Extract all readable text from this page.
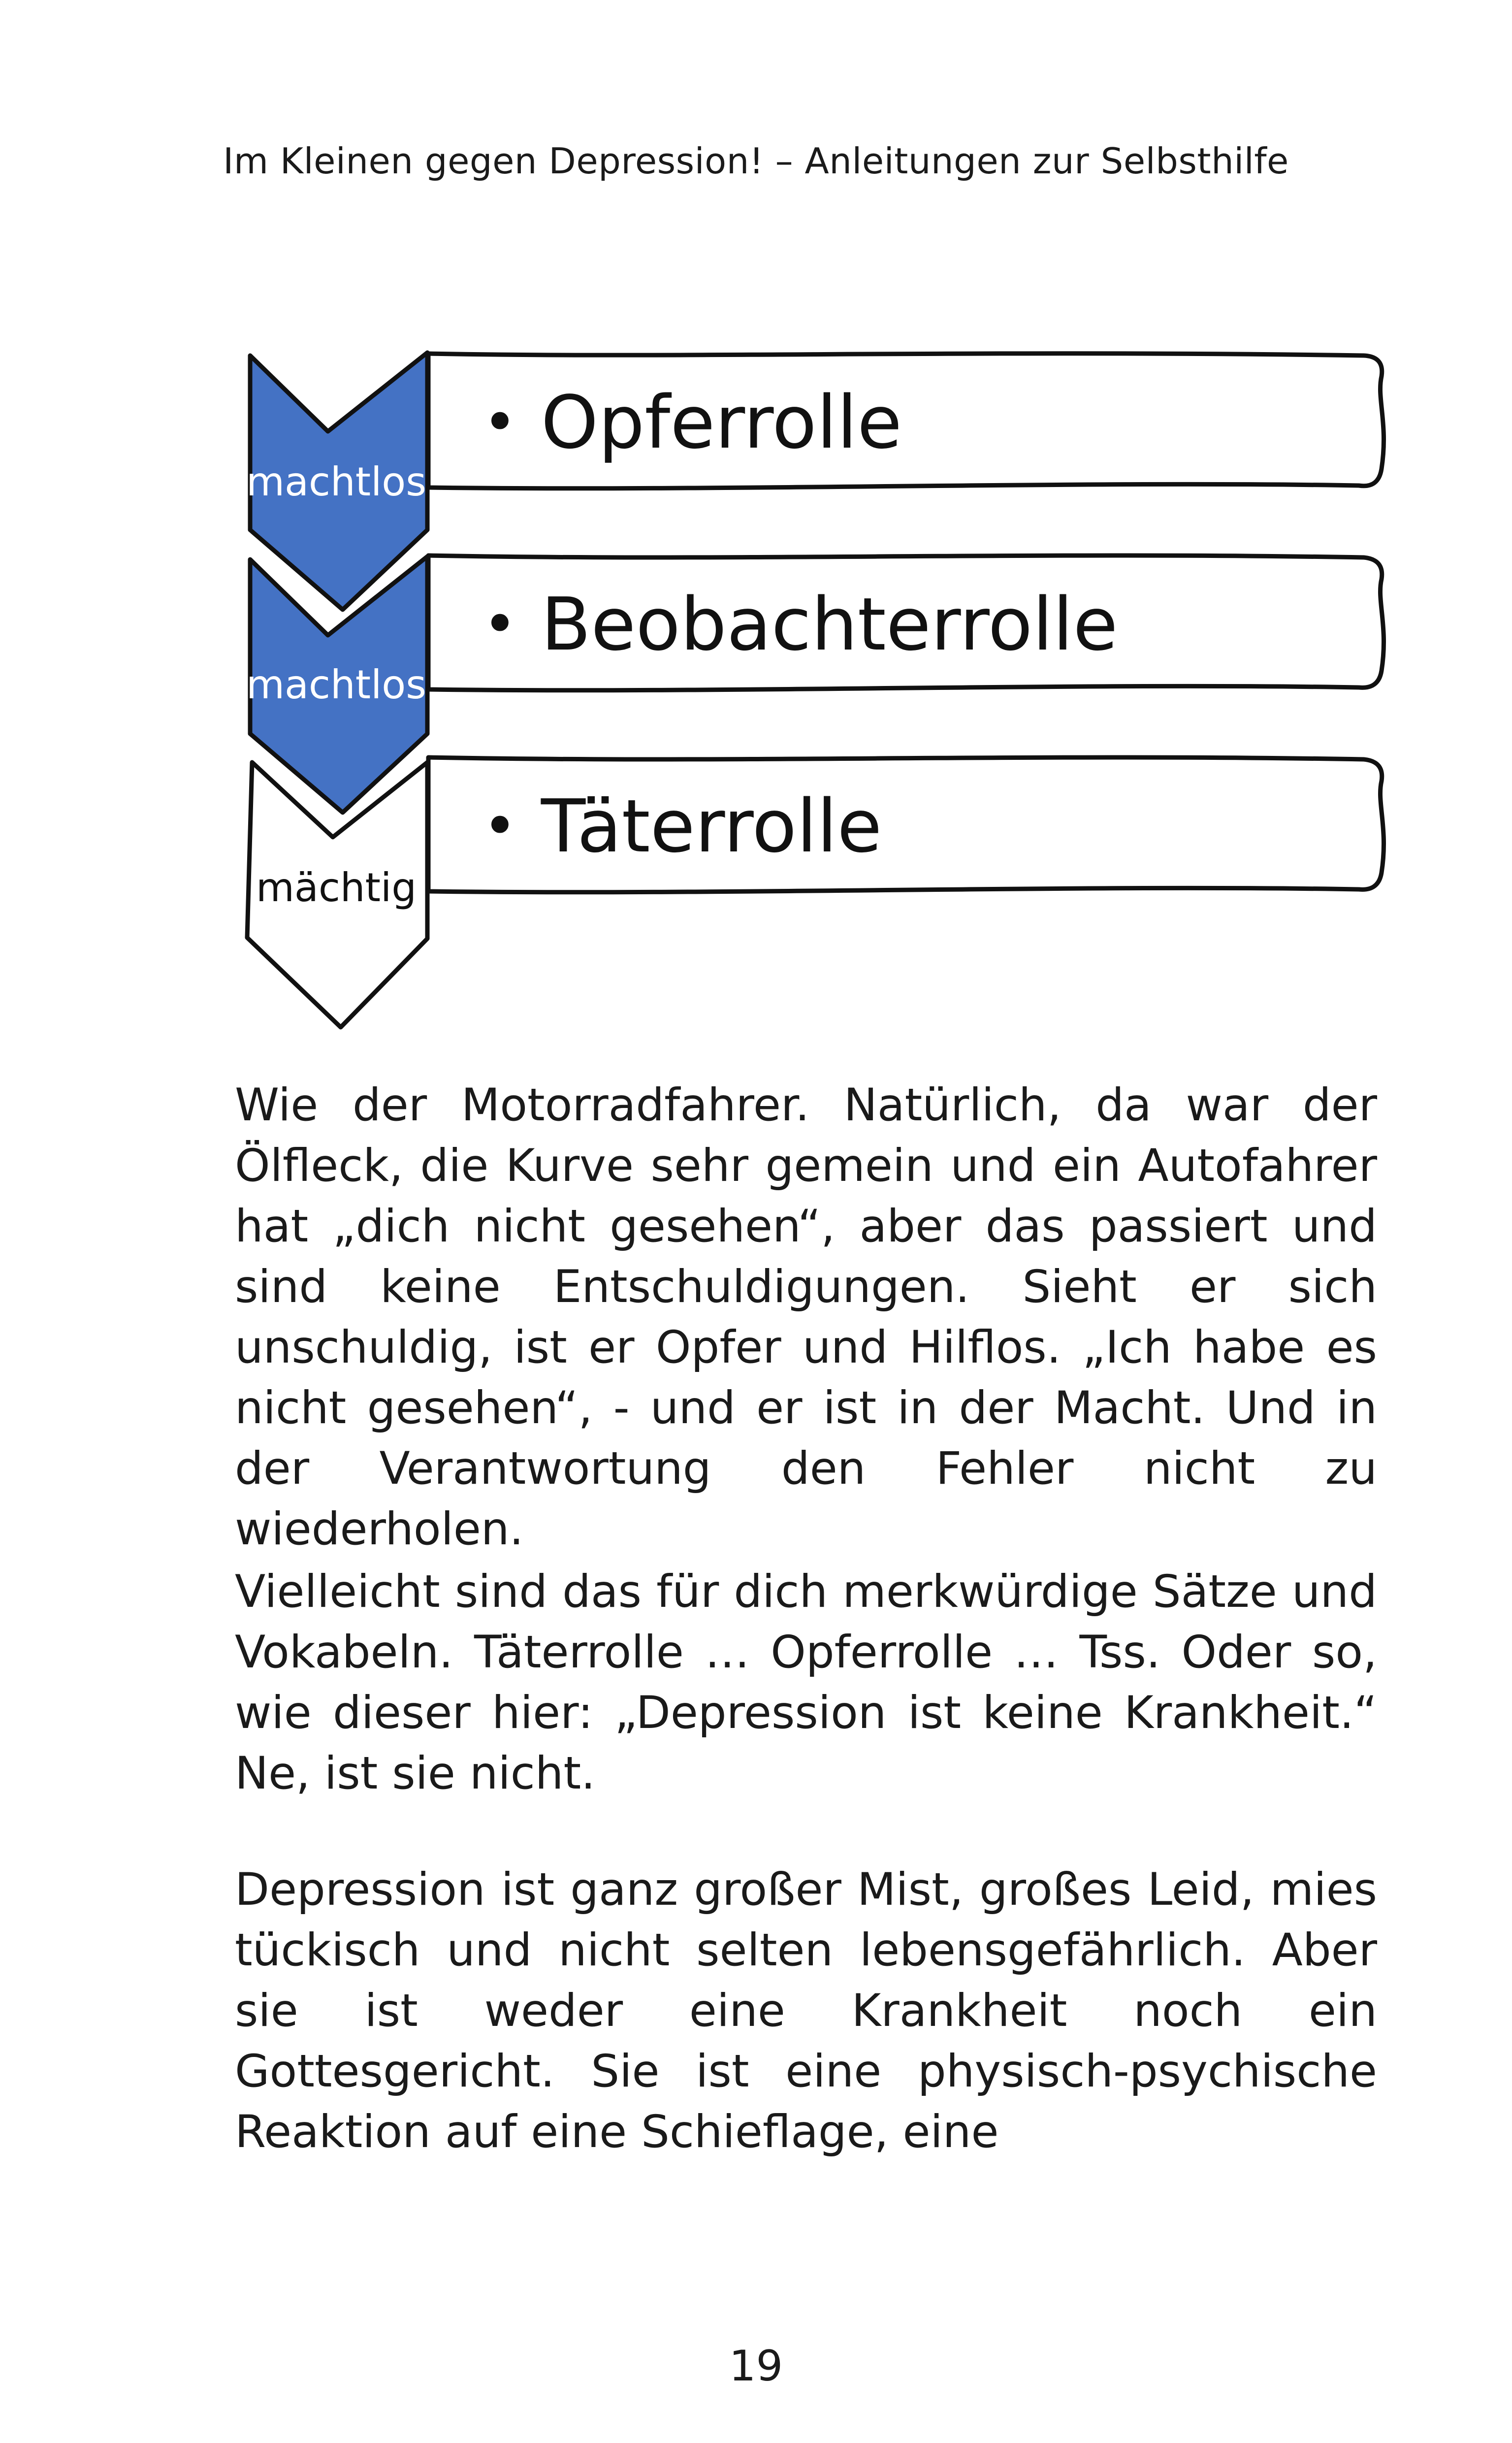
Im Kleinen gegen Depression! – Anleitungen zur Selbsthilfe
machtlos
machtlos
mächtig
• Opferrolle
• Beobachterrolle
• Täterrolle

Wie der Motorradfahrer. Natürlich, da war der Ölfleck, die Kurve sehr gemein und ein Autofahrer hat „dich nicht gesehen“, aber das passiert und sind keine Entschuldigungen. Sieht er sich unschuldig, ist er Opfer und Hilflos. „Ich habe es nicht gesehen“, - und er ist in der Macht. Und in der Verantwortung den Fehler nicht zu wiederholen.

Vielleicht sind das für dich merkwürdige Sätze und Vokabeln. Täterrolle … Opferrolle … Tss. Oder so, wie dieser hier: „Depression ist keine Krankheit.“ Ne, ist sie nicht.

Depression ist ganz großer Mist, großes Leid, mies tückisch und nicht selten lebensgefährlich. Aber sie ist weder eine Krankheit noch ein Gottesgericht. Sie ist eine physisch-psychische Reaktion auf eine Schieflage, eine

19
